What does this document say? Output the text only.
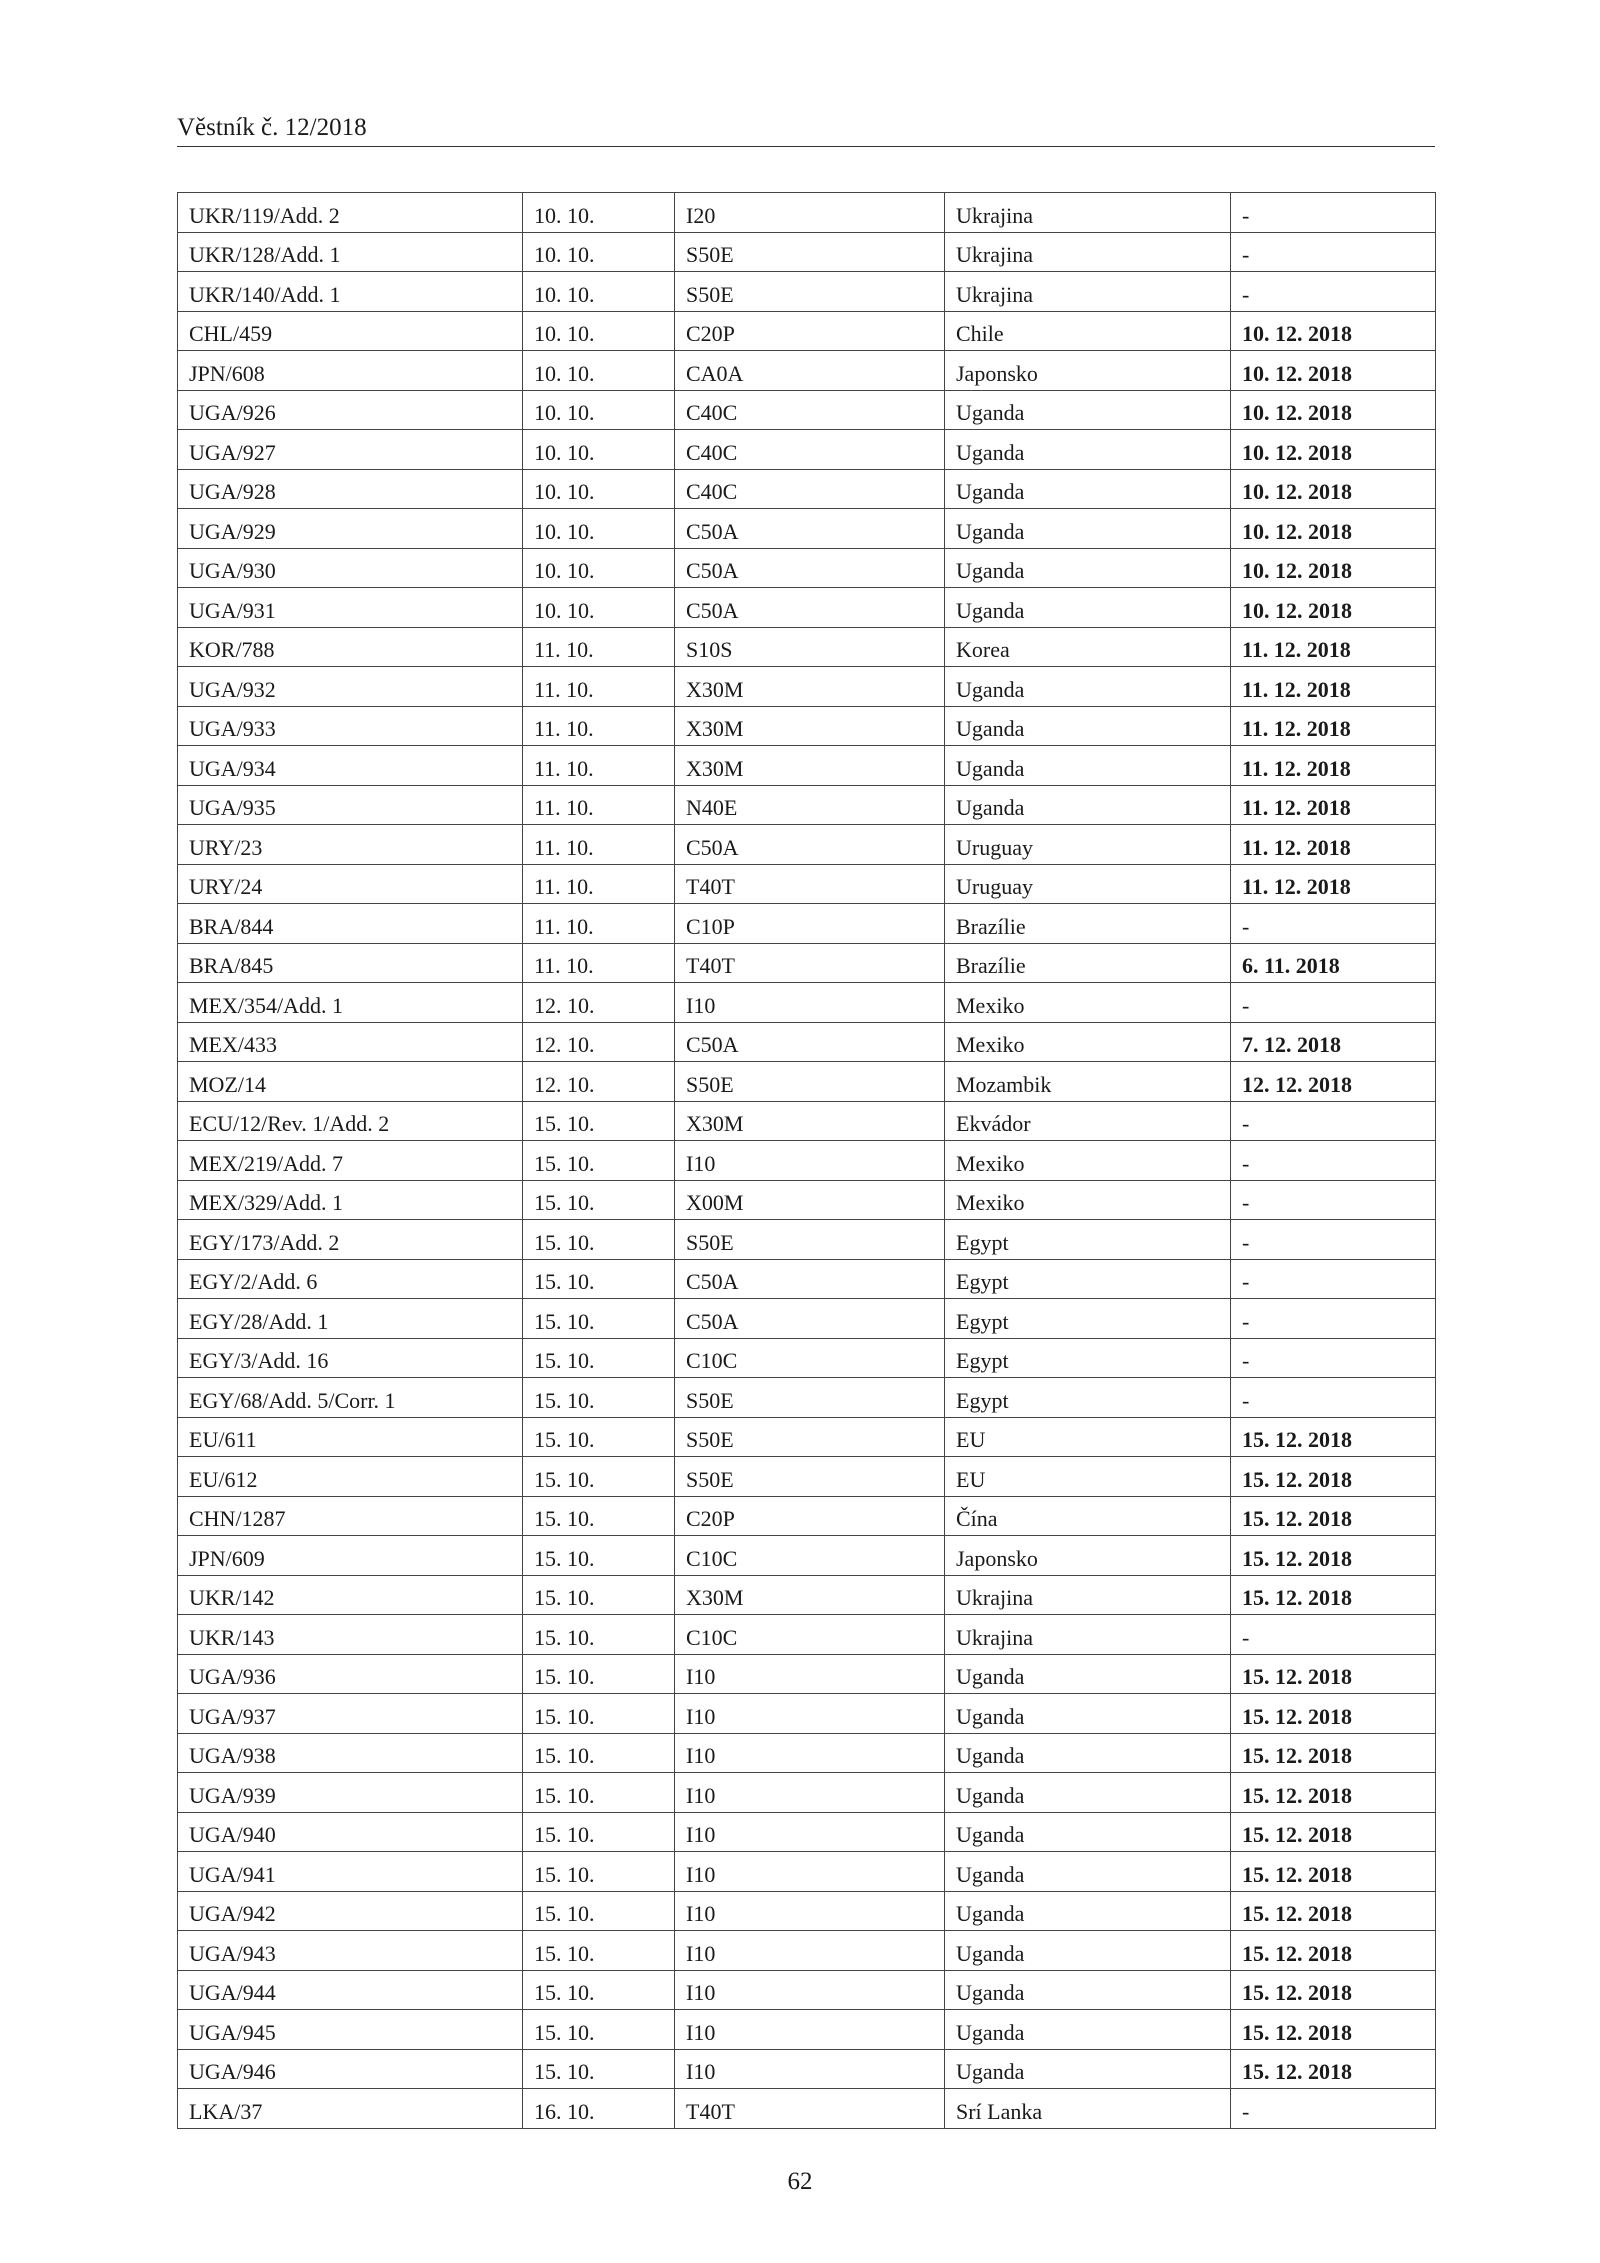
Věstník č. 12/2018
UKR/119/Add. 2	10. 10.	I20	Ukrajina	-
UKR/128/Add. 1	10. 10.	S50E	Ukrajina	-
UKR/140/Add. 1	10. 10.	S50E	Ukrajina	-
CHL/459	10. 10.	C20P	Chile	10. 12. 2018
JPN/608	10. 10.	CA0A	Japonsko	10. 12. 2018
UGA/926	10. 10.	C40C	Uganda	10. 12. 2018
UGA/927	10. 10.	C40C	Uganda	10. 12. 2018
UGA/928	10. 10.	C40C	Uganda	10. 12. 2018
UGA/929	10. 10.	C50A	Uganda	10. 12. 2018
UGA/930	10. 10.	C50A	Uganda	10. 12. 2018
UGA/931	10. 10.	C50A	Uganda	10. 12. 2018
KOR/788	11. 10.	S10S	Korea	11. 12. 2018
UGA/932	11. 10.	X30M	Uganda	11. 12. 2018
UGA/933	11. 10.	X30M	Uganda	11. 12. 2018
UGA/934	11. 10.	X30M	Uganda	11. 12. 2018
UGA/935	11. 10.	N40E	Uganda	11. 12. 2018
URY/23	11. 10.	C50A	Uruguay	11. 12. 2018
URY/24	11. 10.	T40T	Uruguay	11. 12. 2018
BRA/844	11. 10.	C10P	Brazílie	-
BRA/845	11. 10.	T40T	Brazílie	6. 11. 2018
MEX/354/Add. 1	12. 10.	I10	Mexiko	-
MEX/433	12. 10.	C50A	Mexiko	7. 12. 2018
MOZ/14	12. 10.	S50E	Mozambik	12. 12. 2018
ECU/12/Rev. 1/Add. 2	15. 10.	X30M	Ekvádor	-
MEX/219/Add. 7	15. 10.	I10	Mexiko	-
MEX/329/Add. 1	15. 10.	X00M	Mexiko	-
EGY/173/Add. 2	15. 10.	S50E	Egypt	-
EGY/2/Add. 6	15. 10.	C50A	Egypt	-
EGY/28/Add. 1	15. 10.	C50A	Egypt	-
EGY/3/Add. 16	15. 10.	C10C	Egypt	-
EGY/68/Add. 5/Corr. 1	15. 10.	S50E	Egypt	-
EU/611	15. 10.	S50E	EU	15. 12. 2018
EU/612	15. 10.	S50E	EU	15. 12. 2018
CHN/1287	15. 10.	C20P	Čína	15. 12. 2018
JPN/609	15. 10.	C10C	Japonsko	15. 12. 2018
UKR/142	15. 10.	X30M	Ukrajina	15. 12. 2018
UKR/143	15. 10.	C10C	Ukrajina	-
UGA/936	15. 10.	I10	Uganda	15. 12. 2018
UGA/937	15. 10.	I10	Uganda	15. 12. 2018
UGA/938	15. 10.	I10	Uganda	15. 12. 2018
UGA/939	15. 10.	I10	Uganda	15. 12. 2018
UGA/940	15. 10.	I10	Uganda	15. 12. 2018
UGA/941	15. 10.	I10	Uganda	15. 12. 2018
UGA/942	15. 10.	I10	Uganda	15. 12. 2018
UGA/943	15. 10.	I10	Uganda	15. 12. 2018
UGA/944	15. 10.	I10	Uganda	15. 12. 2018
UGA/945	15. 10.	I10	Uganda	15. 12. 2018
UGA/946	15. 10.	I10	Uganda	15. 12. 2018
LKA/37	16. 10.	T40T	Srí Lanka	-
62
